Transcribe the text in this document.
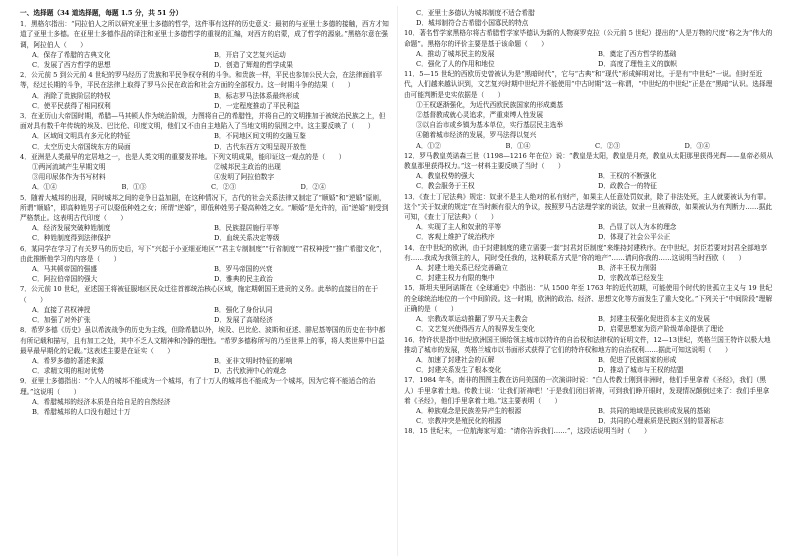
一、选择题（34 道选择题，每题 1.5 分，共 51 分）
1．黑格尔指出：“同拉伯人之所以研究亚里士多德的哲学，这件事有这样的历史意义：最初的与亚里士多德的接触，西方才知道了亚里士多德。在亚里士多德作品的译注和亚里士多德哲学的重视的汇编，对西方的启蒙，成了哲学的源泉。”黑格尔意在强调，阿拉伯人（　　）
A．保存了希腊的古典文化	B．开启了文艺复兴运动
C．发展了西方哲学的思想	D．创造了辉煌的哲学成果
2．公元前 5 到公元前 4 世纪的罗马经历了贵族和平民争权夺利的斗争。和贵族一样，平民也参加公民大会，在法律面前平等，经过长期的斗争，平民在法律上取得了罗马公民在政治和社会方面的全部权力。这一时期斗争的结果（　　）
A．消除了贵族阶层的特权	B．标志罗马法体系最终形成
C．使平民获得了相同权利	D．一定程度推动了平民利益
3．在亚历山大帝国时期，希腊—马其顿人作为统治阶级，力图将自己的希腊性，并将自己的文明推加于被统治民族之上，但面对具有数千年传统的埃及、巴比伦、印度文明，他们又不由自主地陷入了当地文明的氛围之中。这主要反映了（　　）
A．区域间文明具有多元化的特征	B．不同地区间文明的交融互鉴
C．太空历史大帝国统东方的局面	D．古代东西方文明呈现开放性
4．亚洲是人类最早的定居地之一，也是人类文明的重要发祥地。下列文明成果，能印证这一观点的是（　　）
①两河流域产生早期文明	②城邦民主政治的出现
③用印尿体作为书写材料	④发明了阿拉伯数字
A．①④	B．①③	C．②③	D．②④
5．随着大城邦的出现，同时城邦之间的竞争日益加剧，在这种情况下，古代的社会关系法律又制定了“顺婚”和“逆婚”原则，所谓“顺婚”，即高种姓男子可以娶低种姓之女；所谓“逆婚”，即低种姓男子娶高种姓之女。“顺婚”是允许的，而“逆婚”则受到严格禁止。这表明古代印度（　　）
A．经济发展突破种姓制度	B．民族混居施行平等
C．种姓制度得到法律保护	D．血统关系决定等级
6．某同学在学习了有关罗马的历史后，写下“兴起于小亚细亚地区”“君主专制制度”“行省制度”“君权神授”“推广希腊文化”，由此推断他学习的内容是（　　）
A．马其顿帝国的强盛	B．罗马帝国的兴衰
C．阿拉伯帝国的强大	D．雅典的民主政治
7．公元前 10 世纪，亚述国王将被征服地区民众迁往首都统治核心区域，施定期朝国王进贡的义务。此举的直接目的在于（　　）
A．直接了君权神授	B．强化了身份认同
C．加强了对外扩张	D．发展了高端经济
8．希罗多德《历史》虽以希波战争的历史为主线，但除希腊以外，埃及、巴比伦、波斯和亚述、腓尼基等国的历史在书中都有所记载和描写，且有加工之处，其中不乏人文精神和冷静的理性。“希罗多德称所写的乃至世界上的事，将人类世界中日益最早最早期化的记载。”这表述主要是在证实（　　）
A．希罗多德的著述来源	B．亚非文明时特征的影响
C．求精文明的相对优势	D．古代欧洲中心的观念
9．亚里士多德指出：“个人人的城邦不能成为一个城邦，有了十万人的城邦也不能成为一个城邦，因为它将不能适合的治理。”这说明（　　）
A．希腊城邦的经济本质是自给自足的自然经济
B．希腊城邦的人口没有超过十万
C．亚里士多德认为城邦制度不适合希腊
D．城邦制符合古希腊小国寡民的特点
10．著名哲学家黑格尔将古希腊哲学家毕德认为新的人物赛罗克拉（公元前 5 世纪）提出的“人是万物的尺度”称之为“伟大的命题”。黑格尔的评价主要是基于该命题（　　）
A．推动了城邦民主的发展	B．奠定了西方哲学的基础
C．强化了人的作用和地位	D．高度了理性主义的旗帜
11．5—15 世纪的西欧历史曾被认为是“黑暗时代”，它与“古典”和“现代”形成鲜明对比，于是有“中世纪”一说。但时至近代，人们越来越认识到，文艺复兴时期中世纪并不能使用“中古时期”这一称谓，“中世纪的中世纪”正是在“黑暗”认识。选择理由可能判断是史实依据是（　　）
①王权逐渐强化，为近代西欧民族国家的形成奠基
②基督教成就心灵追求，严重束缚人性发展
③以自治市或乡镇为基本单位，实行基层民主选举
④随着城市经济的发展，罗马法得以复兴
A．①②	B．①④	C．②③	D．③④
12．罗马教皇英诺森三世（1198—1216 年在位）说：“教皇是太阳，教皇是月亮，教皇从太阳那里获得光辉——皇帝必须从教皇那里获得权力。”这一材料主要反映了当时（　　）
A．教皇权势的强大	B．王权的不断强化
C．教会服务于王权	D．政教合一的特征
13．《查士丁尼法典》规定：奴隶不是主人绝对的私有财产，如果主人任意处罚奴隶，除了非法处死，主人就要被认为有罪。这个“关于奴隶的规定”在当时颇有很大的争议，按照罗马古法理学家的说法，奴隶一旦被释放，如果被认为有判断力……据此可知，《查士丁尼法典》（　　）
A．实现了主人和奴隶的平等	B．凸显了以人为本的理念
C．客观上维护了统治秩序	D．体现了社会公平公正
14．在中世纪的欧洲，由于封建制度的建立需要一套“封君封臣制度”来维持封建秩序。在中世纪，封臣若要对封君全部地享有……我成为我领主的人，同时受任我的，这种联系方式是“你的地产”……请问你我的……这说明当时西欧（　　）
A．封建土地关系已经完善确立	B．济丰王权力削弱
C．封建主权力有限的集中	D．宗教改革已经发生
15．斯坦夫里阿诺斯在《全球通史》中指出：“从 1500 年至 1763 年的近代初期，可能使用个时代的世孤立主义与 19 世纪的全球统治地位的一个中间阶段。这一时期，欧洲的政治、经济、思想文化等方面发生了重大变化。”下列关于“中间阶段”理解正确的是（　　）
A．宗教改革运动推翻了罗马天主教会	B．封建主权强化促进资本主义的发展
C．文艺复兴使得西方人的视界发生变化	D．启蒙思想家为资产阶级革命提供了理论
16．特许状是指中世纪欧洲国王颁给领主城市以特许的自治权和法律权的证明文件，12—13世纪，英格兰国王特许以极大地推动了城市的发展，英格兰城市以书面形式获得了它们的特许权和地方的自治权利……据此可知这说明（　　）
A．加速了封建社会的瓦解	B．促进了民族国家的形成
C．封建关系发生了根本变化	D．推动了城市与王权的结盟
17．1984 年冬，南非的图图主教在访问美国的一次演讲时说：“白人传教士刚到非洲时，他们手里拿着《圣经》，我们（黑人）手里拿着土地。传教士说：‘让我们祈祷吧！’于是我们闭目祈祷，可到我们睁开眼时，发现情况颠倒过来了：我们手里拿着《圣经》，他们手里拿着土地。”这主要表明（　　）
A．种族观念是民族差异产生的根源	B．共同的地域是民族形成发展的基础
C．宗教冲突是殖民化的根源	D．共同的心理素质是民族区别的显著标志
18．15 世纪末，一位航海家写道：“请你告诉我们……”，这段话说明当时（　　）
